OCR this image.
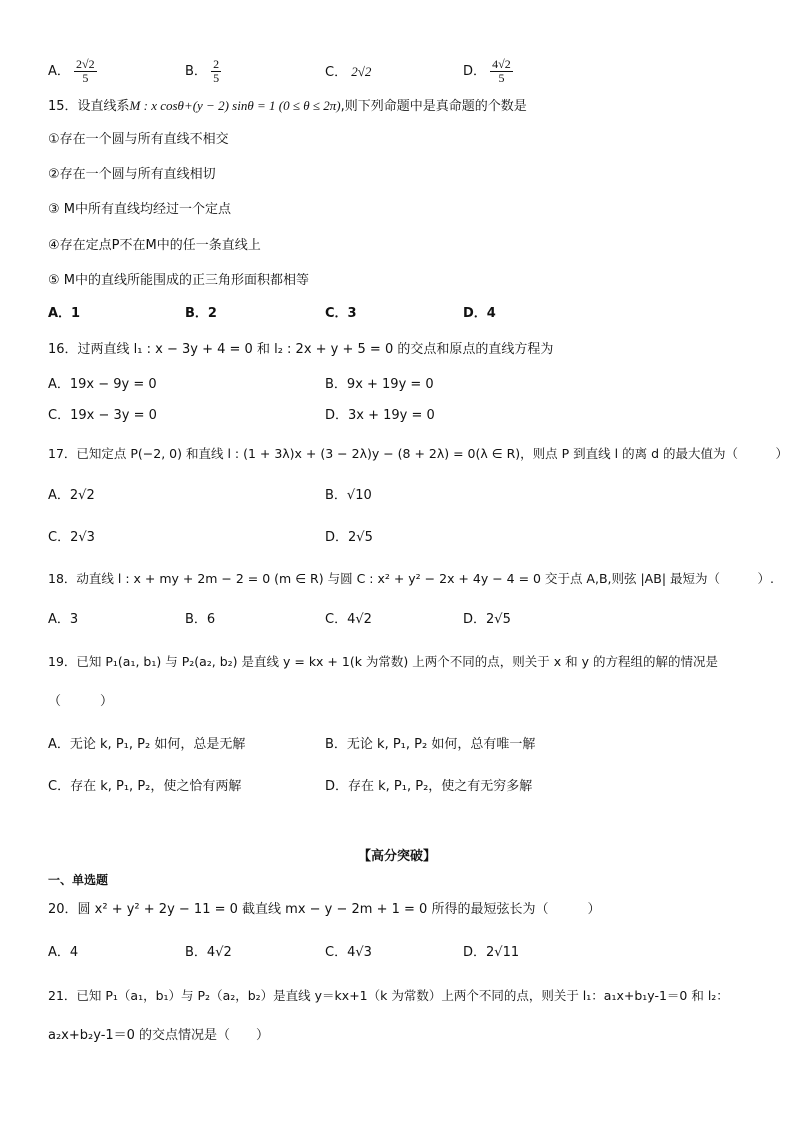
A． $\frac{2√2}{5}$	B． $\frac{2}{5}$	C． 2√2	D． $\frac{4√2}{5}$
15．设直线系M : x cosθ+(y − 2) sinθ = 1 (0 ≤ θ ≤ 2π),则下列命题中是真命题的个数是
①存在一个圆与所有直线不相交
②存在一个圆与所有直线相切
③ M中所有直线均经过一个定点
④存在定点P不在M中的任一条直线上
⑤ M中的直线所能围成的正三角形面积都相等
A．1	B．2	C．3	D．4
16．过两直线 l₁ : x − 3y + 4 = 0 和 l₂ : 2x + y + 5 = 0 的交点和原点的直线方程为
A．19x − 9y = 0	B．9x + 19y = 0
C．19x − 3y = 0	D．3x + 19y = 0
17．已知定点 P(−2, 0) 和直线 l : (1 + 3λ)x + (3 − 2λ)y − (8 + 2λ) = 0(λ ∈ R)，则点 P 到直线 l 的离 d 的最大值为（　　　）
A．2√2	B．√10
C．2√3	D．2√5
18．动直线 l : x + my + 2m − 2 = 0 (m ∈ R) 与圆 C : x² + y² − 2x + 4y − 4 = 0 交于点 A,B,则弦 |AB| 最短为（　　　）.
A．3	B．6	C．4√2	D．2√5
19．已知 P₁(a₁, b₁) 与 P₂(a₂, b₂) 是直线 y = kx + 1(k 为常数) 上两个不同的点，则关于 x 和 y 的方程组的解的情况是
（　　　）
A．无论 k, P₁, P₂ 如何，总是无解	B．无论 k, P₁, P₂ 如何，总有唯一解
C．存在 k, P₁, P₂，使之恰有两解	D．存在 k, P₁, P₂，使之有无穷多解
【高分突破】
一、单选题
20．圆 x² + y² + 2y − 11 = 0 截直线 mx − y − 2m + 1 = 0 所得的最短弦长为（　　　）
A．4	B．4√2	C．4√3	D．2√11
21．已知 P₁（a₁，b₁）与 P₂（a₂，b₂）是直线 y＝kx+1（k 为常数）上两个不同的点，则关于 l₁：a₁x+b₁y-1＝0 和 l₂：
a₂x+b₂y-1＝0 的交点情况是（　　）
